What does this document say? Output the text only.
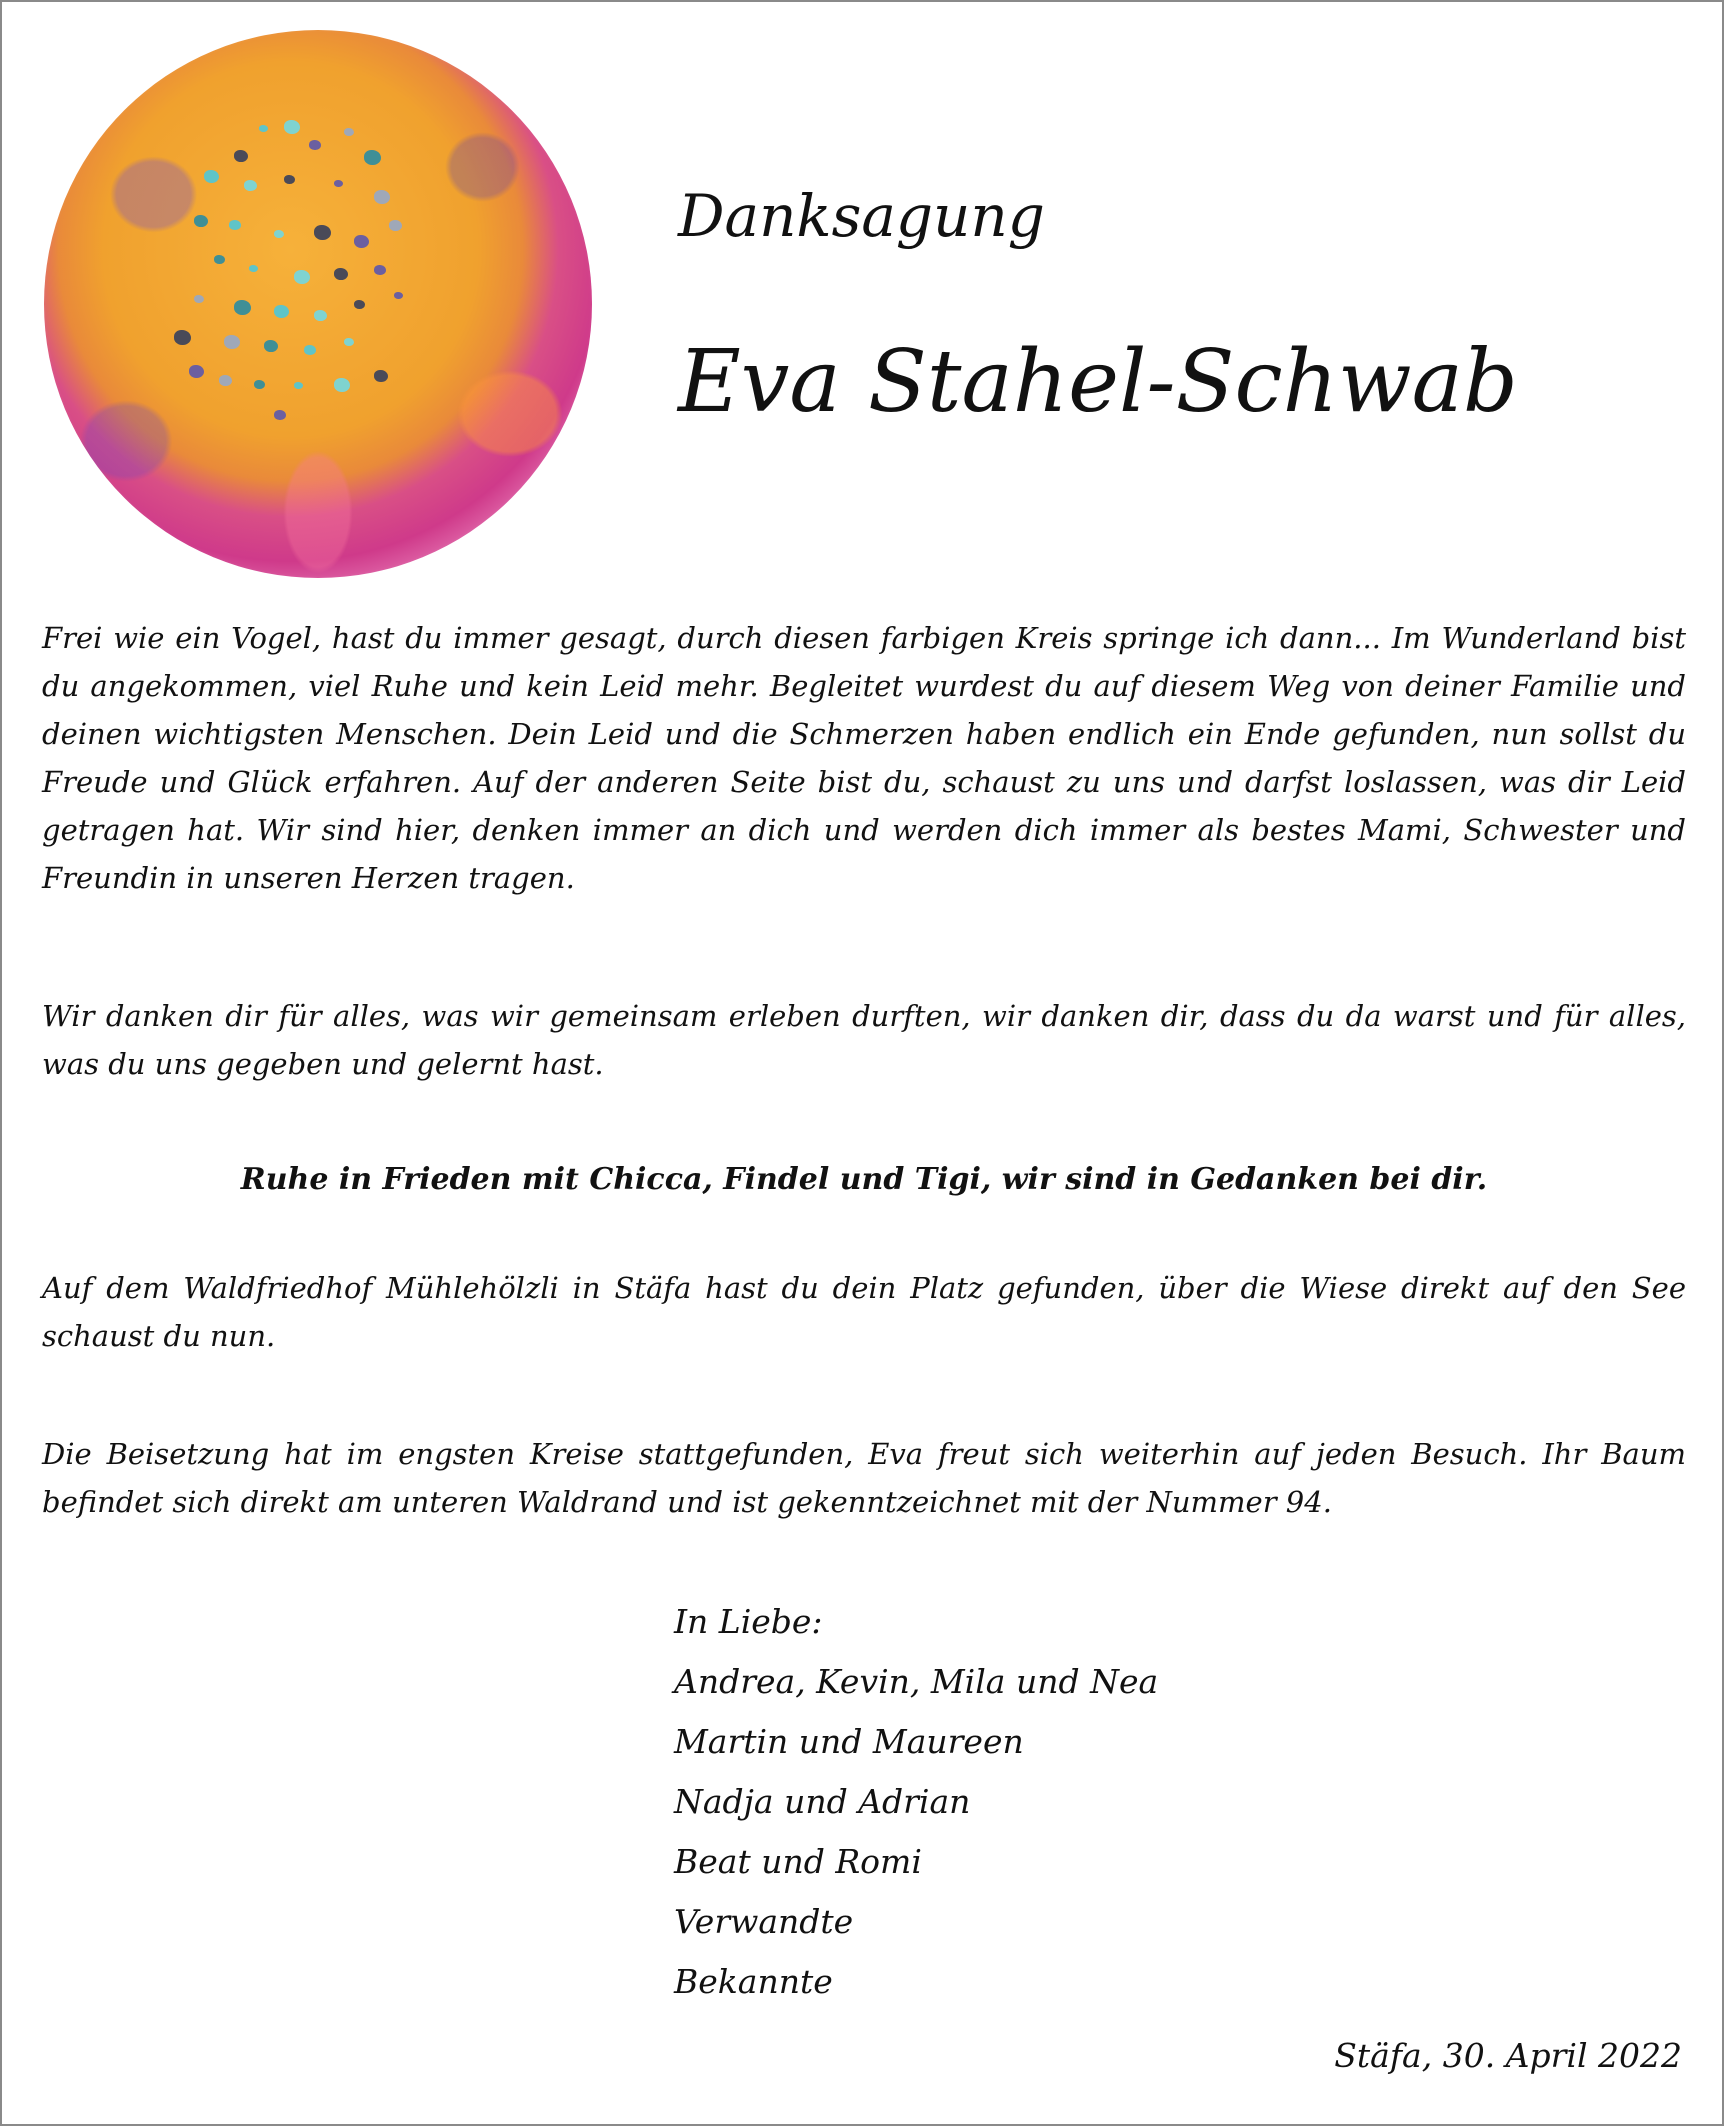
Danksagung
Eva Stahel-Schwab

Frei wie ein Vogel, hast du immer gesagt, durch diesen farbigen Kreis springe ich dann... Im Wunderland bist du angekommen, viel Ruhe und kein Leid mehr. Begleitet wurdest du auf diesem Weg von deiner Familie und deinen wichtigsten Menschen. Dein Leid und die Schmerzen haben endlich ein Ende gefunden, nun sollst du Freude und Glück erfahren. Auf der anderen Seite bist du, schaust zu uns und darfst loslassen, was dir Leid getragen hat. Wir sind hier, denken immer an dich und werden dich immer als bestes Mami, Schwester und Freundin in unseren Herzen tragen.

Wir danken dir für alles, was wir gemeinsam erleben durften, wir danken dir, dass du da warst und für alles, was du uns gegeben und gelernt hast.

Ruhe in Frieden mit Chicca, Findel und Tigi, wir sind in Gedanken bei dir.

Auf dem Waldfriedhof Mühlehölzli in Stäfa hast du dein Platz gefunden, über die Wiese direkt auf den See schaust du nun.

Die Beisetzung hat im engsten Kreise stattgefunden, Eva freut sich weiterhin auf jeden Besuch. Ihr Baum befindet sich direkt am unteren Waldrand und ist gekenntzeichnet mit der Nummer 94.

In Liebe:
Andrea, Kevin, Mila und Nea
Martin und Maureen
Nadja und Adrian
Beat und Romi
Verwandte
Bekannte

Stäfa, 30. April 2022
